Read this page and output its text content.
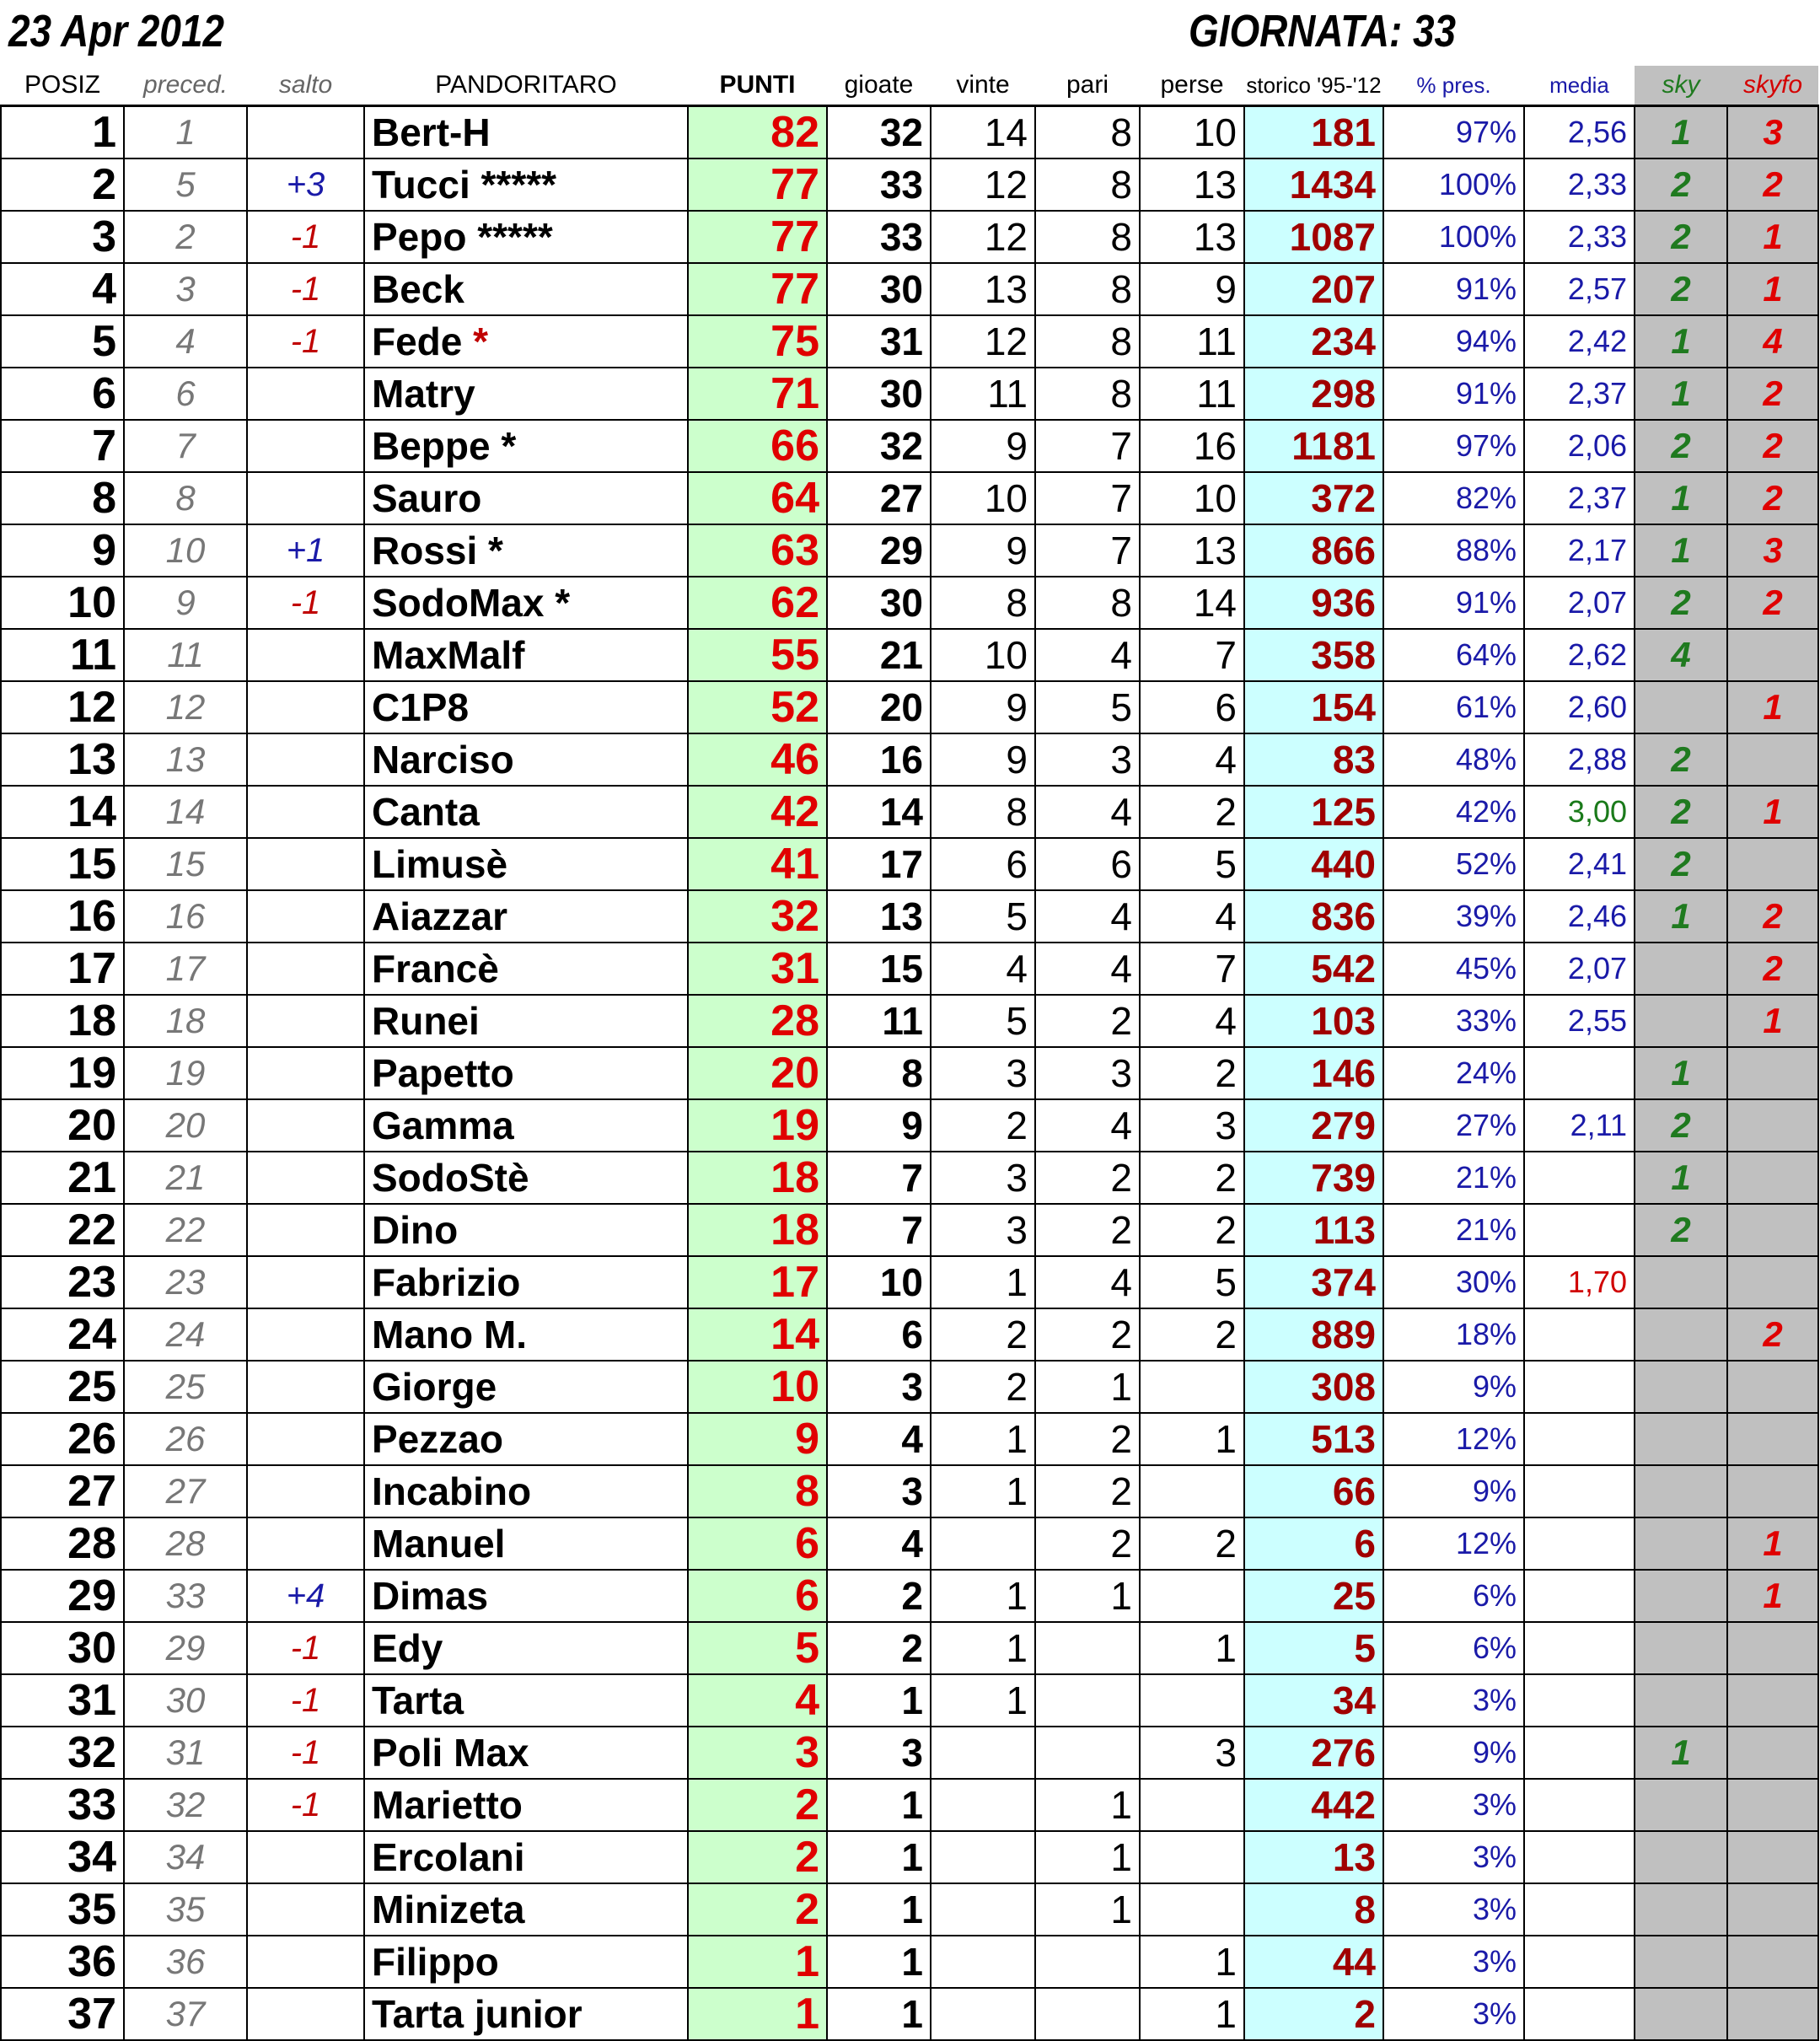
23 Apr 2012	GIORNATA: 33
POSIZ	preced.	salto	PANDORITARO	PUNTI	gioate	vinte	pari	perse	storico '95-'12	% pres.	media	sky	skyfo
1	1		Bert-H	82	32	14	8	10	181	97%	2,56	1	3
2	5	+3	Tucci *****	77	33	12	8	13	1434	100%	2,33	2	2
3	2	-1	Pepo *****	77	33	12	8	13	1087	100%	2,33	2	1
4	3	-1	Beck	77	30	13	8	9	207	91%	2,57	2	1
5	4	-1	Fede *	75	31	12	8	11	234	94%	2,42	1	4
6	6		Matry	71	30	11	8	11	298	91%	2,37	1	2
7	7		Beppe *	66	32	9	7	16	1181	97%	2,06	2	2
8	8		Sauro	64	27	10	7	10	372	82%	2,37	1	2
9	10	+1	Rossi *	63	29	9	7	13	866	88%	2,17	1	3
10	9	-1	SodoMax *	62	30	8	8	14	936	91%	2,07	2	2
11	11		MaxMalf	55	21	10	4	7	358	64%	2,62	4	
12	12		C1P8	52	20	9	5	6	154	61%	2,60		1
13	13		Narciso	46	16	9	3	4	83	48%	2,88	2	
14	14		Canta	42	14	8	4	2	125	42%	3,00	2	1
15	15		Limusè	41	17	6	6	5	440	52%	2,41	2	
16	16		Aiazzar	32	13	5	4	4	836	39%	2,46	1	2
17	17		Francè	31	15	4	4	7	542	45%	2,07		2
18	18		Runei	28	11	5	2	4	103	33%	2,55		1
19	19		Papetto	20	8	3	3	2	146	24%		1	
20	20		Gamma	19	9	2	4	3	279	27%	2,11	2	
21	21		SodoStè	18	7	3	2	2	739	21%		1	
22	22		Dino	18	7	3	2	2	113	21%		2	
23	23		Fabrizio	17	10	1	4	5	374	30%	1,70		
24	24		Mano M.	14	6	2	2	2	889	18%			2
25	25		Giorge	10	3	2	1		308	9%			
26	26		Pezzao	9	4	1	2	1	513	12%			
27	27		Incabino	8	3	1	2		66	9%			
28	28		Manuel	6	4		2	2	6	12%			1
29	33	+4	Dimas	6	2	1	1		25	6%			1
30	29	-1	Edy	5	2	1		1	5	6%			
31	30	-1	Tarta	4	1	1			34	3%			
32	31	-1	Poli Max	3	3			3	276	9%		1	
33	32	-1	Marietto	2	1		1		442	3%			
34	34		Ercolani	2	1		1		13	3%			
35	35		Minizeta	2	1		1		8	3%			
36	36		Filippo	1	1			1	44	3%			
37	37		Tarta junior	1	1			1	2	3%			
